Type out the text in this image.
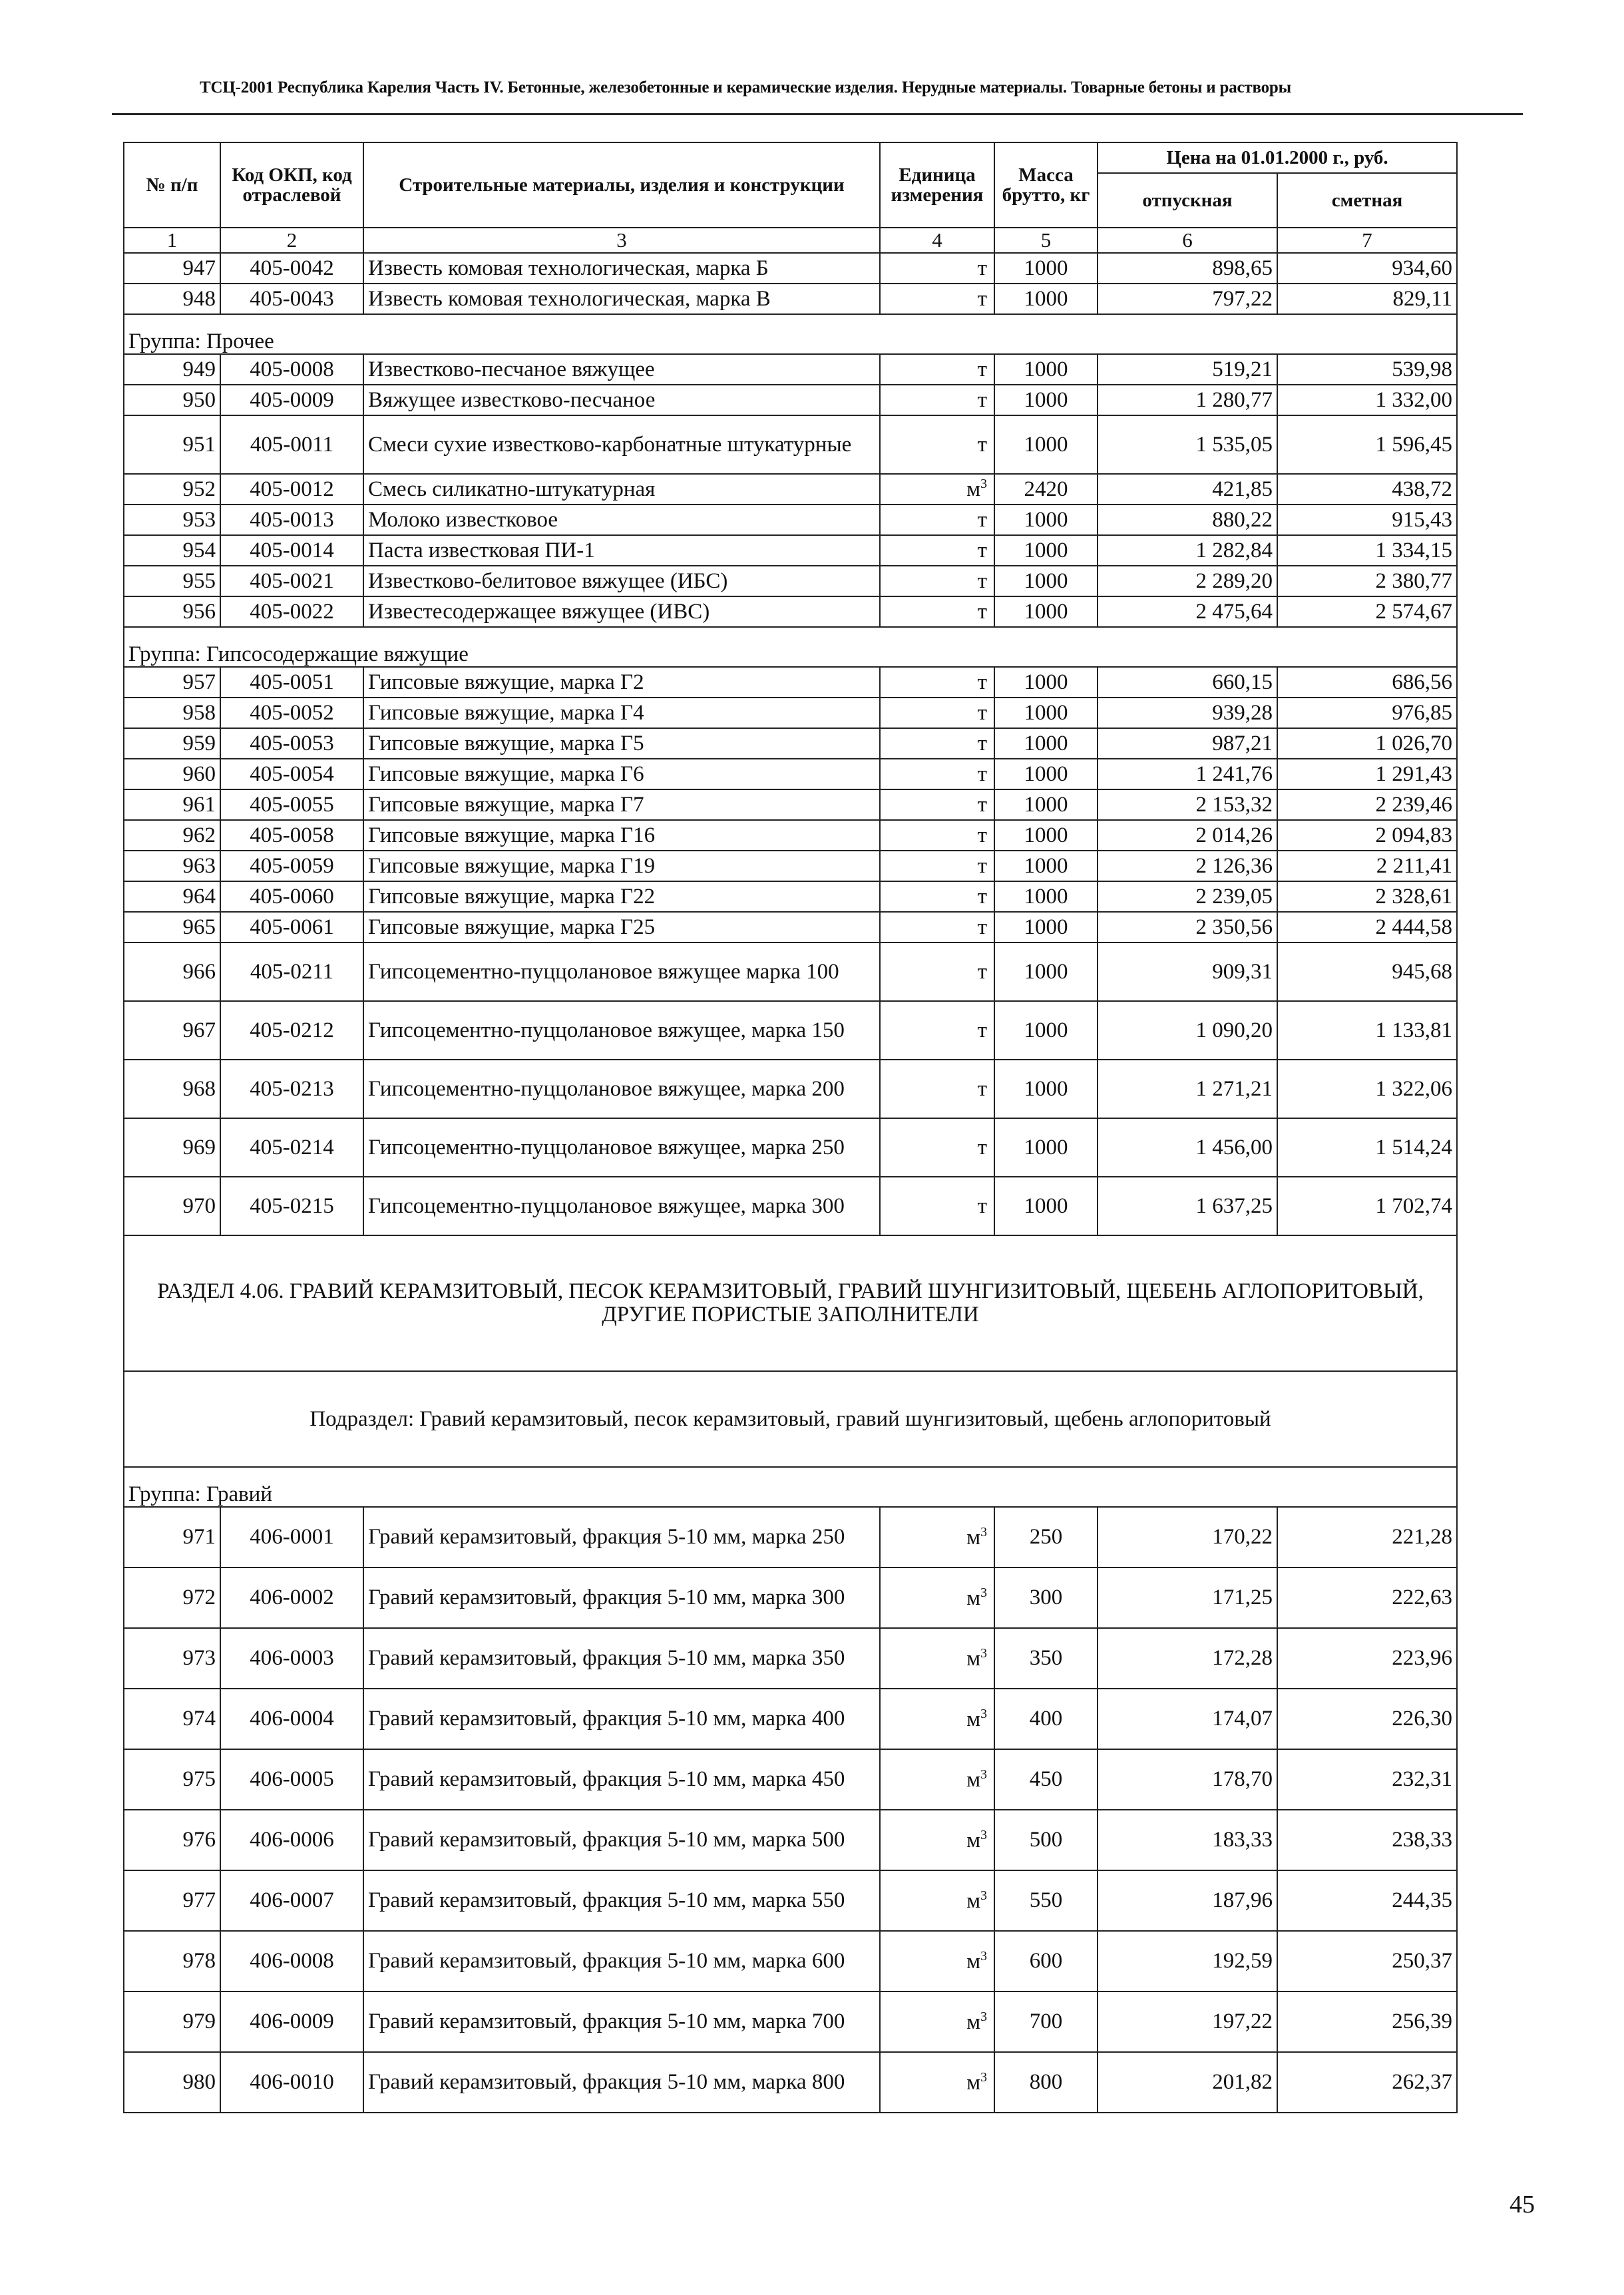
ТСЦ-2001 Республика Карелия Часть IV. Бетонные, железобетонные и керамические изделия. Нерудные материалы. Товарные бетоны и растворы
№ п/п	Код ОКП, код отраслевой	Строительные материалы, изделия и конструкции	Единица измерения	Масса брутто, кг	Цена на 01.01.2000 г., руб.	
					отпускная	сметная
1	2	3	4	5	6	7
947	405-0042	Известь комовая технологическая, марка Б	т	1000	898,65	934,60
948	405-0043	Известь комовая технологическая, марка В	т	1000	797,22	829,11
Группа: Прочее						
949	405-0008	Известково-песчаное вяжущее	т	1000	519,21	539,98
950	405-0009	Вяжущее известково-песчаное	т	1000	1 280,77	1 332,00
951	405-0011	Смеси сухие известково-карбонатные штукатурные	т	1000	1 535,05	1 596,45
952	405-0012	Смесь силикатно-штукатурная	$м^3$	2420	421,85	438,72
953	405-0013	Молоко известковое	т	1000	880,22	915,43
954	405-0014	Паста известковая ПИ-1	т	1000	1 282,84	1 334,15
955	405-0021	Известково-белитовое вяжущее (ИБС)	т	1000	2 289,20	2 380,77
956	405-0022	Известесодержащее вяжущее (ИВС)	т	1000	2 475,64	2 574,67
Группа: Гипсосодержащие вяжущие						
957	405-0051	Гипсовые вяжущие, марка Г2	т	1000	660,15	686,56
958	405-0052	Гипсовые вяжущие, марка Г4	т	1000	939,28	976,85
959	405-0053	Гипсовые вяжущие, марка Г5	т	1000	987,21	1 026,70
960	405-0054	Гипсовые вяжущие, марка Г6	т	1000	1 241,76	1 291,43
961	405-0055	Гипсовые вяжущие, марка Г7	т	1000	2 153,32	2 239,46
962	405-0058	Гипсовые вяжущие, марка Г16	т	1000	2 014,26	2 094,83
963	405-0059	Гипсовые вяжущие, марка Г19	т	1000	2 126,36	2 211,41
964	405-0060	Гипсовые вяжущие, марка Г22	т	1000	2 239,05	2 328,61
965	405-0061	Гипсовые вяжущие, марка Г25	т	1000	2 350,56	2 444,58
966	405-0211	Гипсоцементно-пуццолановое вяжущее марка 100	т	1000	909,31	945,68
967	405-0212	Гипсоцементно-пуццолановое вяжущее, марка 150	т	1000	1 090,20	1 133,81
968	405-0213	Гипсоцементно-пуццолановое вяжущее, марка 200	т	1000	1 271,21	1 322,06
969	405-0214	Гипсоцементно-пуццолановое вяжущее, марка 250	т	1000	1 456,00	1 514,24
970	405-0215	Гипсоцементно-пуццолановое вяжущее, марка 300	т	1000	1 637,25	1 702,74
РАЗДЕЛ 4.06. ГРАВИЙ КЕРАМЗИТОВЫЙ, ПЕСОК КЕРАМЗИТОВЫЙ, ГРАВИЙ ШУНГИЗИТОВЫЙ, ЩЕБЕНЬ АГЛОПОРИТОВЫЙ, ДРУГИЕ ПОРИСТЫЕ ЗАПОЛНИТЕЛИ						
Подраздел: Гравий керамзитовый, песок керамзитовый, гравий шунгизитовый, щебень аглопоритовый						
Группа: Гравий						
971	406-0001	Гравий керамзитовый, фракция 5-10 мм, марка 250	$м^3$	250	170,22	221,28
972	406-0002	Гравий керамзитовый, фракция 5-10 мм, марка 300	$м^3$	300	171,25	222,63
973	406-0003	Гравий керамзитовый, фракция 5-10 мм, марка 350	$м^3$	350	172,28	223,96
974	406-0004	Гравий керамзитовый, фракция 5-10 мм, марка 400	$м^3$	400	174,07	226,30
975	406-0005	Гравий керамзитовый, фракция 5-10 мм, марка 450	$м^3$	450	178,70	232,31
976	406-0006	Гравий керамзитовый, фракция 5-10 мм, марка 500	$м^3$	500	183,33	238,33
977	406-0007	Гравий керамзитовый, фракция 5-10 мм, марка 550	$м^3$	550	187,96	244,35
978	406-0008	Гравий керамзитовый, фракция 5-10 мм, марка 600	$м^3$	600	192,59	250,37
979	406-0009	Гравий керамзитовый, фракция 5-10 мм, марка 700	$м^3$	700	197,22	256,39
980	406-0010	Гравий керамзитовый, фракция 5-10 мм, марка 800	$м^3$	800	201,82	262,37
45
